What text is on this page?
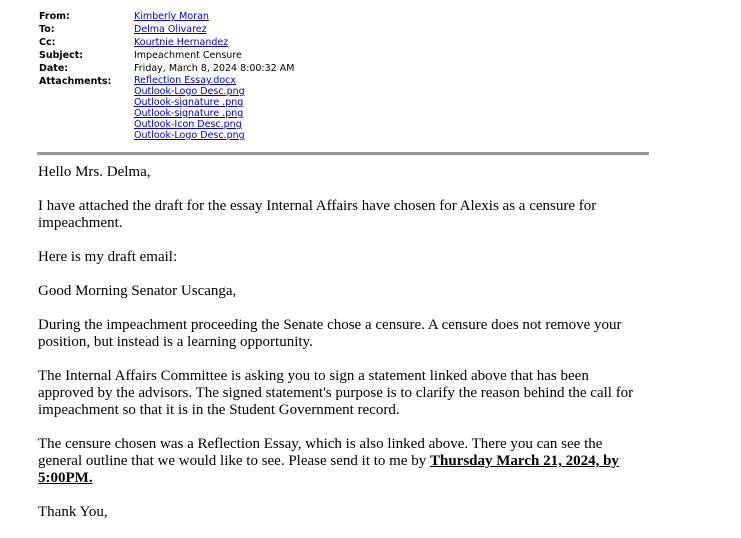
From:	Kimberly Moran
To:	Delma Olivarez
Cc:	Kourtnie Hernandez
Subject:	Impeachment Censure
Date:	Friday, March 8, 2024 8:00:32 AM
Attachments:	Reflection Essay.docx
Outlook-Logo Desc.png
Outlook-signature .png
Outlook-signature .png
Outlook-Icon Desc.png
Outlook-Logo Desc.png

Hello Mrs. Delma,

I have attached the draft for the essay Internal Affairs have chosen for Alexis as a censure for impeachment.

Here is my draft email:

Good Morning Senator Uscanga,

During the impeachment proceeding the Senate chose a censure. A censure does not remove your position, but instead is a learning opportunity.

The Internal Affairs Committee is asking you to sign a statement linked above that has been approved by the advisors. The signed statement's purpose is to clarify the reason behind the call for impeachment so that it is in the Student Government record.

The censure chosen was a Reflection Essay, which is also linked above. There you can see the general outline that we would like to see. Please send it to me by Thursday March 21, 2024, by 5:00PM.

Thank You,
